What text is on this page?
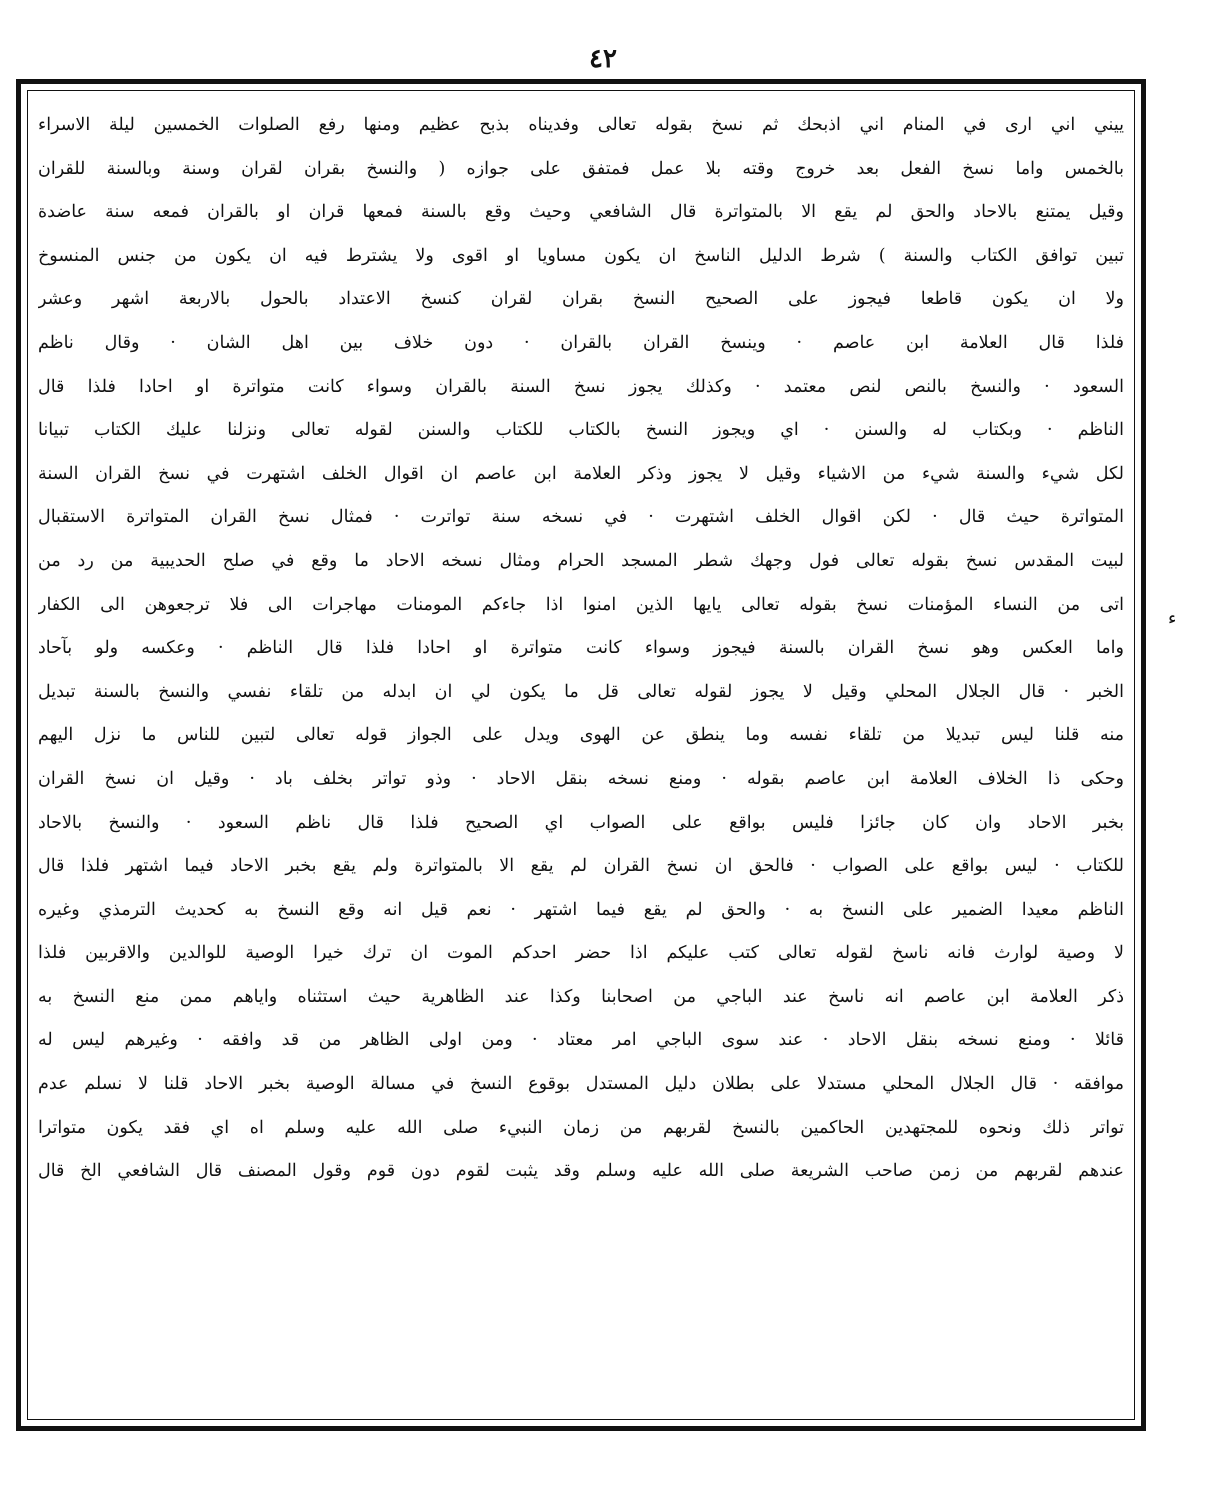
٤٢
ء
ييني اني ارى في المنام اني اذبحك ثم نسخ بقوله تعالى وفديناه بذبح عظيم ومنها رفع الصلوات الخمسين ليلة الاسراء
بالخمس واما نسخ الفعل بعد خروج وقته بلا عمل فمتفق على جوازه ( والنسخ بقران لقران وسنة وبالسنة للقران
وقيل يمتنع بالاحاد والحق لم يقع الا بالمتواترة قال الشافعي وحيث وقع بالسنة فمعها قران او بالقران فمعه سنة عاضدة
تبين توافق الكتاب والسنة ) شرط الدليل الناسخ ان يكون مساويا او اقوى ولا يشترط فيه ان يكون من جنس المنسوخ
ولا ان يكون قاطعا فيجوز على الصحيح النسخ بقران لقران كنسخ الاعتداد بالحول بالاربعة اشهر وعشر
فلذا قال العلامة ابن عاصم · وينسخ القران بالقران · دون خلاف بين اهل الشان · وقال ناظم
السعود · والنسخ بالنص لنص معتمد · وكذلك يجوز نسخ السنة بالقران وسواء كانت متواترة او احادا فلذا قال
الناظم · وبكتاب له والسنن · اي ويجوز النسخ بالكتاب للكتاب والسنن لقوله تعالى ونزلنا عليك الكتاب تبيانا
لكل شيء والسنة شيء من الاشياء وقيل لا يجوز وذكر العلامة ابن عاصم ان اقوال الخلف اشتهرت في نسخ القران السنة
المتواترة حيث قال · لكن اقوال الخلف اشتهرت · في نسخه سنة تواترت · فمثال نسخ القران المتواترة الاستقبال
لبيت المقدس نسخ بقوله تعالى فول وجهك شطر المسجد الحرام ومثال نسخه الاحاد ما وقع في صلح الحديبية من رد من
اتى من النساء المؤمنات نسخ بقوله تعالى يايها الذين امنوا اذا جاءكم المومنات مهاجرات الى فلا ترجعوهن الى الكفار
واما العكس وهو نسخ القران بالسنة فيجوز وسواء كانت متواترة او احادا فلذا قال الناظم · وعكسه ولو بآحاد
الخبر · قال الجلال المحلي وقيل لا يجوز لقوله تعالى قل ما يكون لي ان ابدله من تلقاء نفسي والنسخ بالسنة تبديل
منه قلنا ليس تبديلا من تلقاء نفسه وما ينطق عن الهوى ويدل على الجواز قوله تعالى لتبين للناس ما نزل اليهم
وحكى ذا الخلاف العلامة ابن عاصم بقوله · ومنع نسخه بنقل الاحاد · وذو تواتر بخلف باد · وقيل ان نسخ القران
بخبر الاحاد وان كان جائزا فليس بواقع على الصواب اي الصحيح فلذا قال ناظم السعود · والنسخ بالاحاد
للكتاب · ليس بواقع على الصواب · فالحق ان نسخ القران لم يقع الا بالمتواترة ولم يقع بخبر الاحاد فيما اشتهر فلذا قال
الناظم معيدا الضمير على النسخ به · والحق لم يقع فيما اشتهر · نعم قيل انه وقع النسخ به كحديث الترمذي وغيره
لا وصية لوارث فانه ناسخ لقوله تعالى كتب عليكم اذا حضر احدكم الموت ان ترك خيرا الوصية للوالدين والاقربين فلذا
ذكر العلامة ابن عاصم انه ناسخ عند الباجي من اصحابنا وكذا عند الظاهرية حيث استثناه واياهم ممن منع النسخ به
قائلا · ومنع نسخه بنقل الاحاد · عند سوى الباجي امر معتاد · ومن اولى الظاهر من قد وافقه · وغيرهم ليس له
موافقه · قال الجلال المحلي مستدلا على بطلان دليل المستدل بوقوع النسخ في مسالة الوصية بخبر الاحاد قلنا لا نسلم عدم
تواتر ذلك ونحوه للمجتهدين الحاكمين بالنسخ لقربهم من زمان النبيء صلى الله عليه وسلم اه اي فقد يكون متواترا
عندهم لقربهم من زمن صاحب الشريعة صلى الله عليه وسلم وقد يثبت لقوم دون قوم وقول المصنف قال الشافعي الخ قال
